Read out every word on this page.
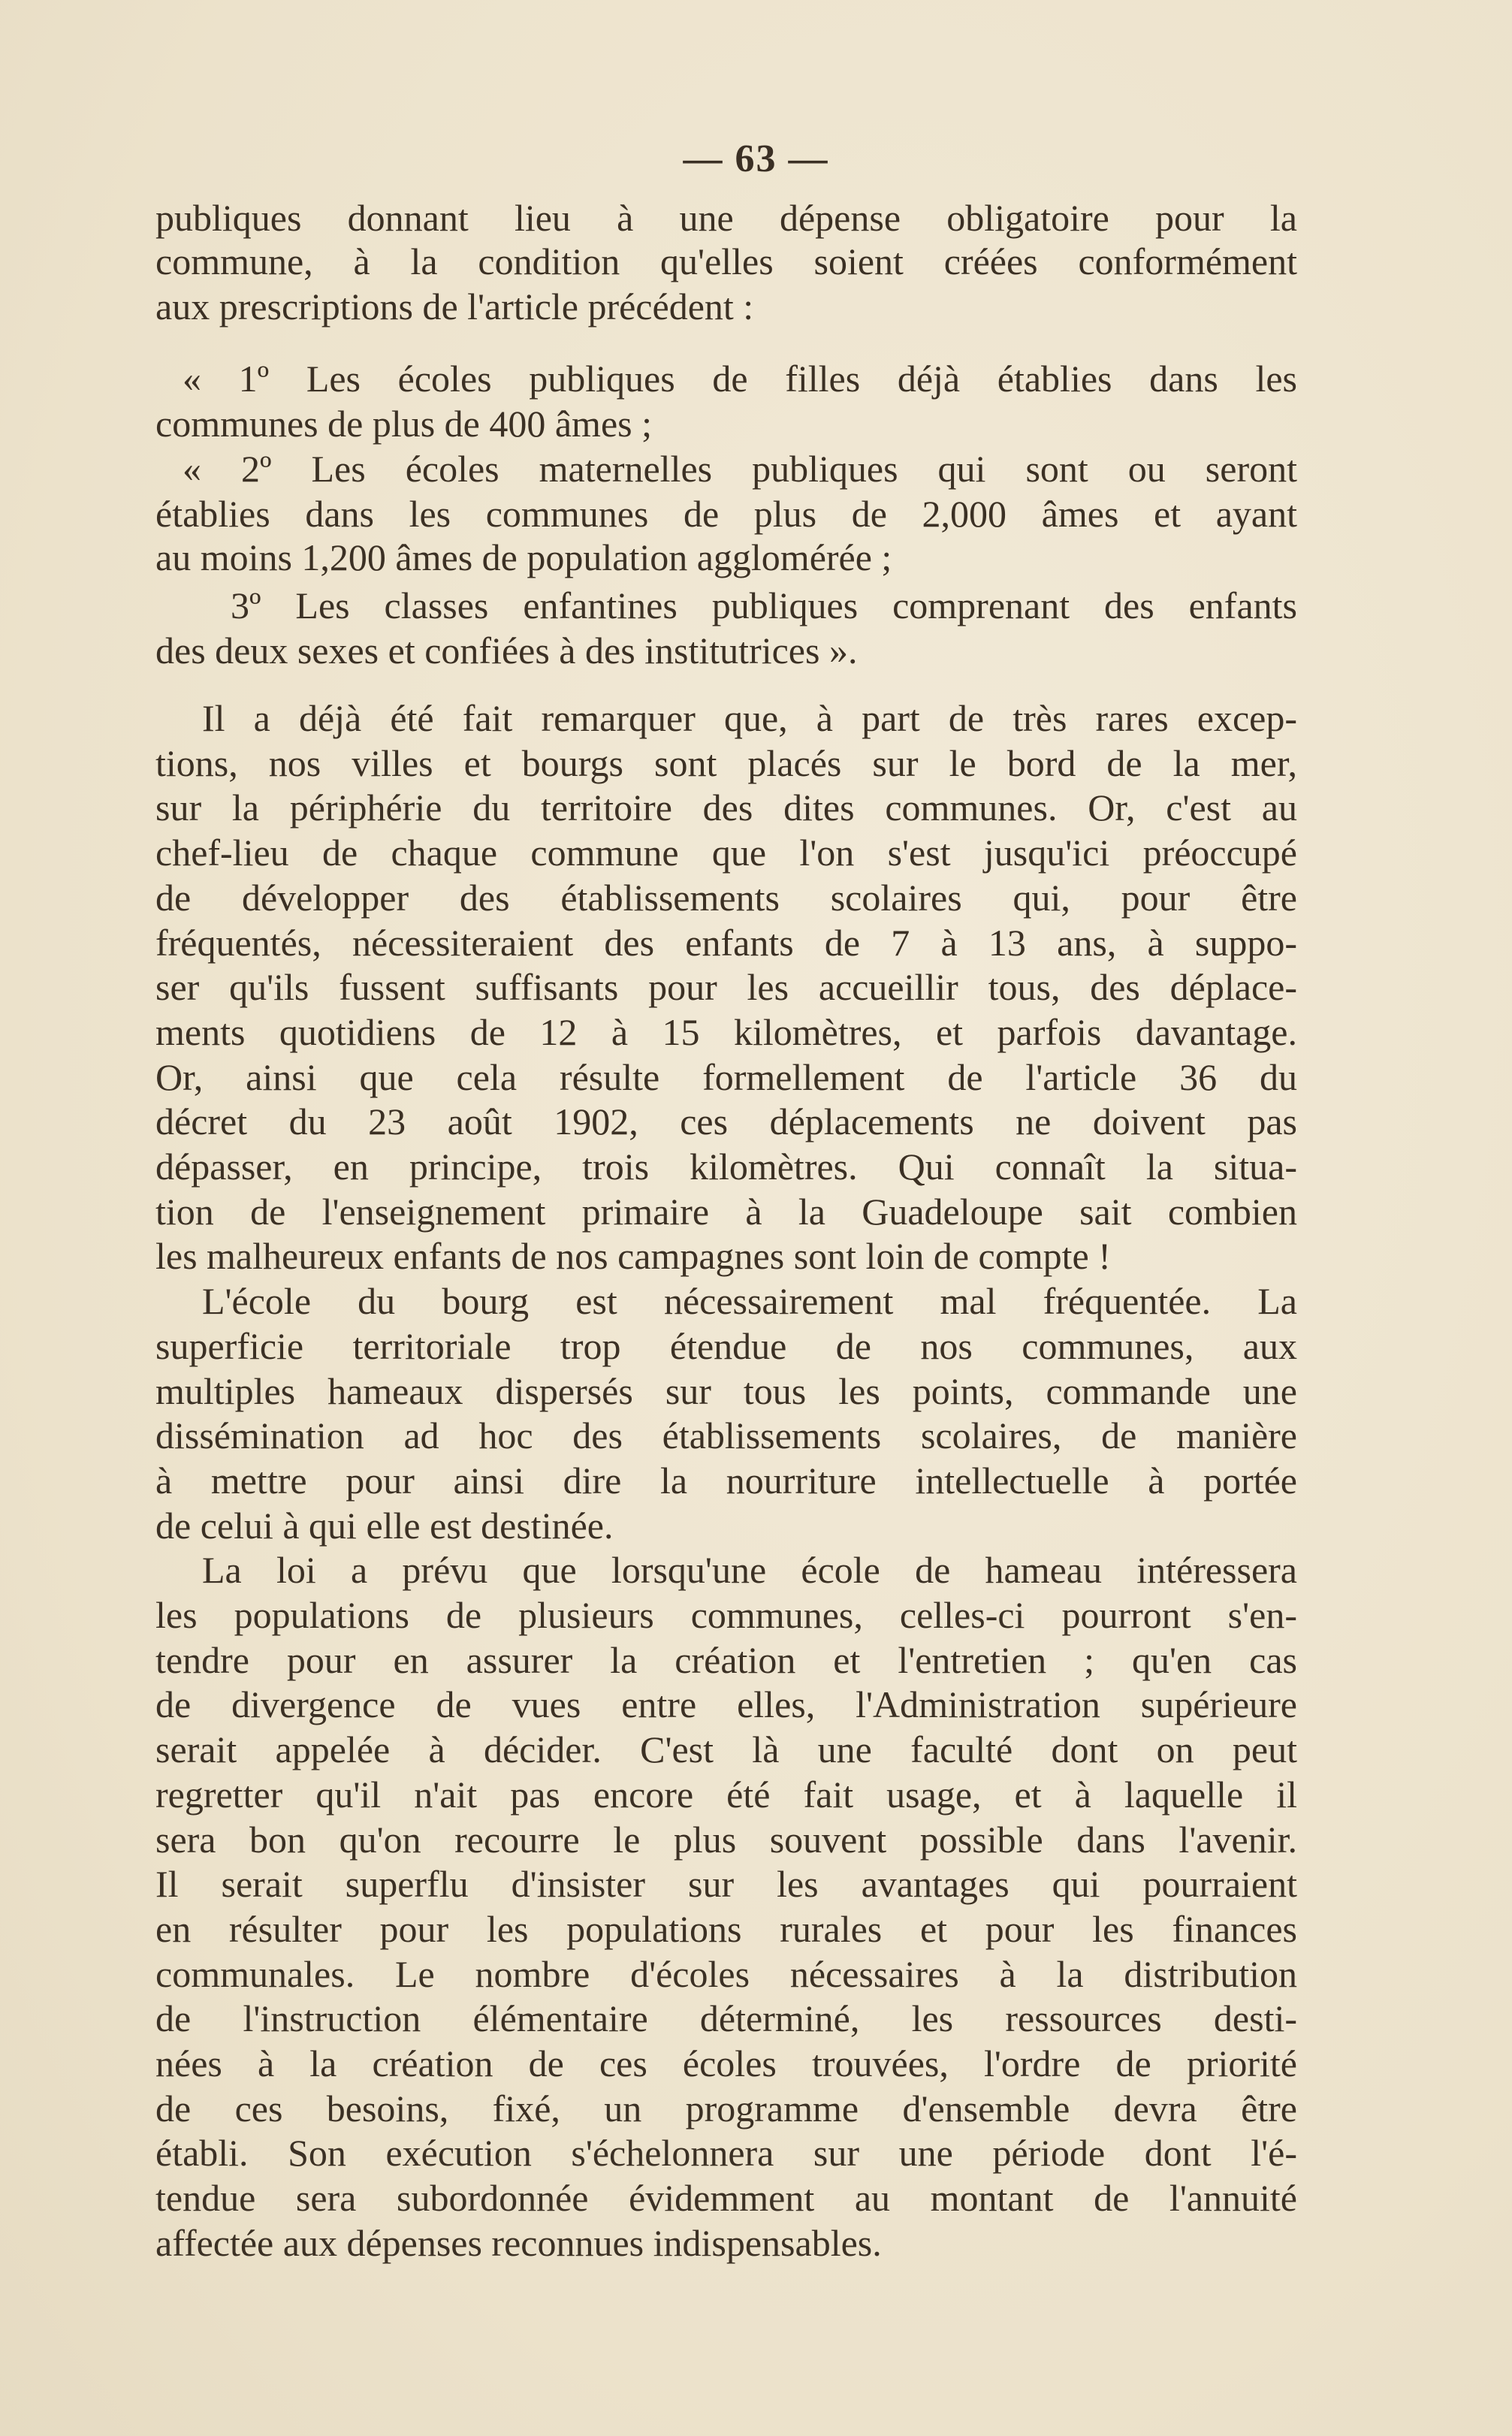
— 63 —
publiques donnant lieu à une dépense obligatoire pour la
commune, à la condition qu'elles soient créées conformément
aux prescriptions de l'article précédent :
« 1º Les écoles publiques de filles déjà établies dans les
communes de plus de 400 âmes ;
« 2º Les écoles maternelles publiques qui sont ou seront
établies dans les communes de plus de 2,000 âmes et ayant
au moins 1,200 âmes de population agglomérée ;
3º Les classes enfantines publiques comprenant des enfants
des deux sexes et confiées à des institutrices ».
Il a déjà été fait remarquer que, à part de très rares excep-
tions, nos villes et bourgs sont placés sur le bord de la mer,
sur la périphérie du territoire des dites communes. Or, c'est au
chef-lieu de chaque commune que l'on s'est jusqu'ici préoccupé
de développer des établissements scolaires qui, pour être
fréquentés, nécessiteraient des enfants de 7 à 13 ans, à suppo-
ser qu'ils fussent suffisants pour les accueillir tous, des déplace-
ments quotidiens de 12 à 15 kilomètres, et parfois davantage.
Or, ainsi que cela résulte formellement de l'article 36 du
décret du 23 août 1902, ces déplacements ne doivent pas
dépasser, en principe, trois kilomètres. Qui connaît la situa-
tion de l'enseignement primaire à la Guadeloupe sait combien
les malheureux enfants de nos campagnes sont loin de compte !
L'école du bourg est nécessairement mal fréquentée. La
superficie territoriale trop étendue de nos communes, aux
multiples hameaux dispersés sur tous les points, commande une
dissémination ad hoc des établissements scolaires, de manière
à mettre pour ainsi dire la nourriture intellectuelle à portée
de celui à qui elle est destinée.
La loi a prévu que lorsqu'une école de hameau intéressera
les populations de plusieurs communes, celles-ci pourront s'en-
tendre pour en assurer la création et l'entretien ; qu'en cas
de divergence de vues entre elles, l'Administration supérieure
serait appelée à décider. C'est là une faculté dont on peut
regretter qu'il n'ait pas encore été fait usage, et à laquelle il
sera bon qu'on recourre le plus souvent possible dans l'avenir.
Il serait superflu d'insister sur les avantages qui pourraient
en résulter pour les populations rurales et pour les finances
communales. Le nombre d'écoles nécessaires à la distribution
de l'instruction élémentaire déterminé, les ressources desti-
nées à la création de ces écoles trouvées, l'ordre de priorité
de ces besoins, fixé, un programme d'ensemble devra être
établi. Son exécution s'échelonnera sur une période dont l'é-
tendue sera subordonnée évidemment au montant de l'annuité
affectée aux dépenses reconnues indispensables.
